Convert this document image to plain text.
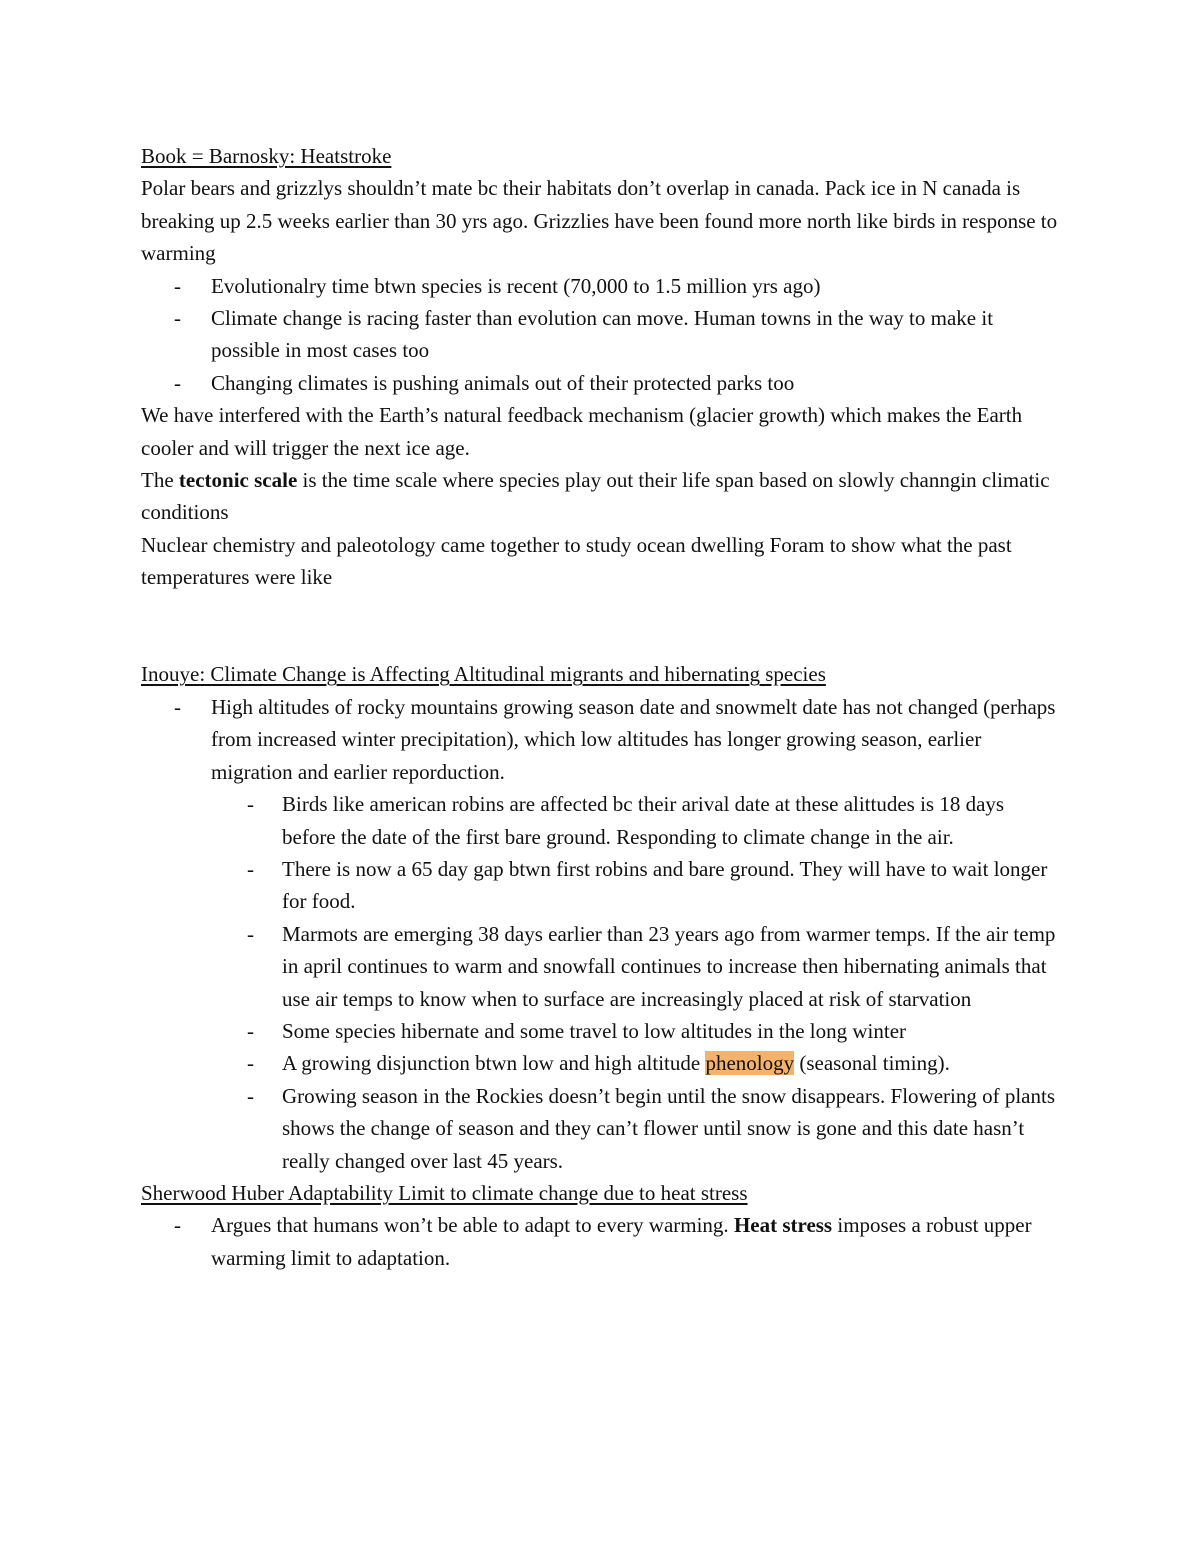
Book = Barnosky: Heatstroke

Polar bears and grizzlys shouldn’t mate bc their habitats don’t overlap in canada. Pack ice in N canada is breaking up 2.5 weeks earlier than 30 yrs ago. Grizzlies have been found more north like birds in response to warming

- Evolutionalry time btwn species is recent (70,000 to 1.5 million yrs ago)
- Climate change is racing faster than evolution can move. Human towns in the way to make it possible in most cases too
- Changing climates is pushing animals out of their protected parks too

We have interfered with the Earth’s natural feedback mechanism (glacier growth) which makes the Earth cooler and will trigger the next ice age.

The tectonic scale is the time scale where species play out their life span based on slowly channgin climatic conditions

Nuclear chemistry and paleotology came together to study ocean dwelling Foram to show what the past temperatures were like

Inouye: Climate Change is Affecting Altitudinal migrants and hibernating species

- High altitudes of rocky mountains growing season date and snowmelt date has not changed (perhaps from increased winter precipitation), which low altitudes has longer growing season, earlier migration and earlier reporduction.
- Birds like american robins are affected bc their arival date at these alittudes is 18 days before the date of the first bare ground. Responding to climate change in the air.
- There is now a 65 day gap btwn first robins and bare ground. They will have to wait longer for food.
- Marmots are emerging 38 days earlier than 23 years ago from warmer temps. If the air temp in april continues to warm and snowfall continues to increase then hibernating animals that use air temps to know when to surface are increasingly placed at risk of starvation
- Some species hibernate and some travel to low altitudes in the long winter
- A growing disjunction btwn low and high altitude phenology (seasonal timing).
- Growing season in the Rockies doesn’t begin until the snow disappears. Flowering of plants shows the change of season and they can’t flower until snow is gone and this date hasn’t really changed over last 45 years.

Sherwood Huber Adaptability Limit to climate change due to heat stress

- Argues that humans won’t be able to adapt to every warming. Heat stress imposes a robust upper warming limit to adaptation.
